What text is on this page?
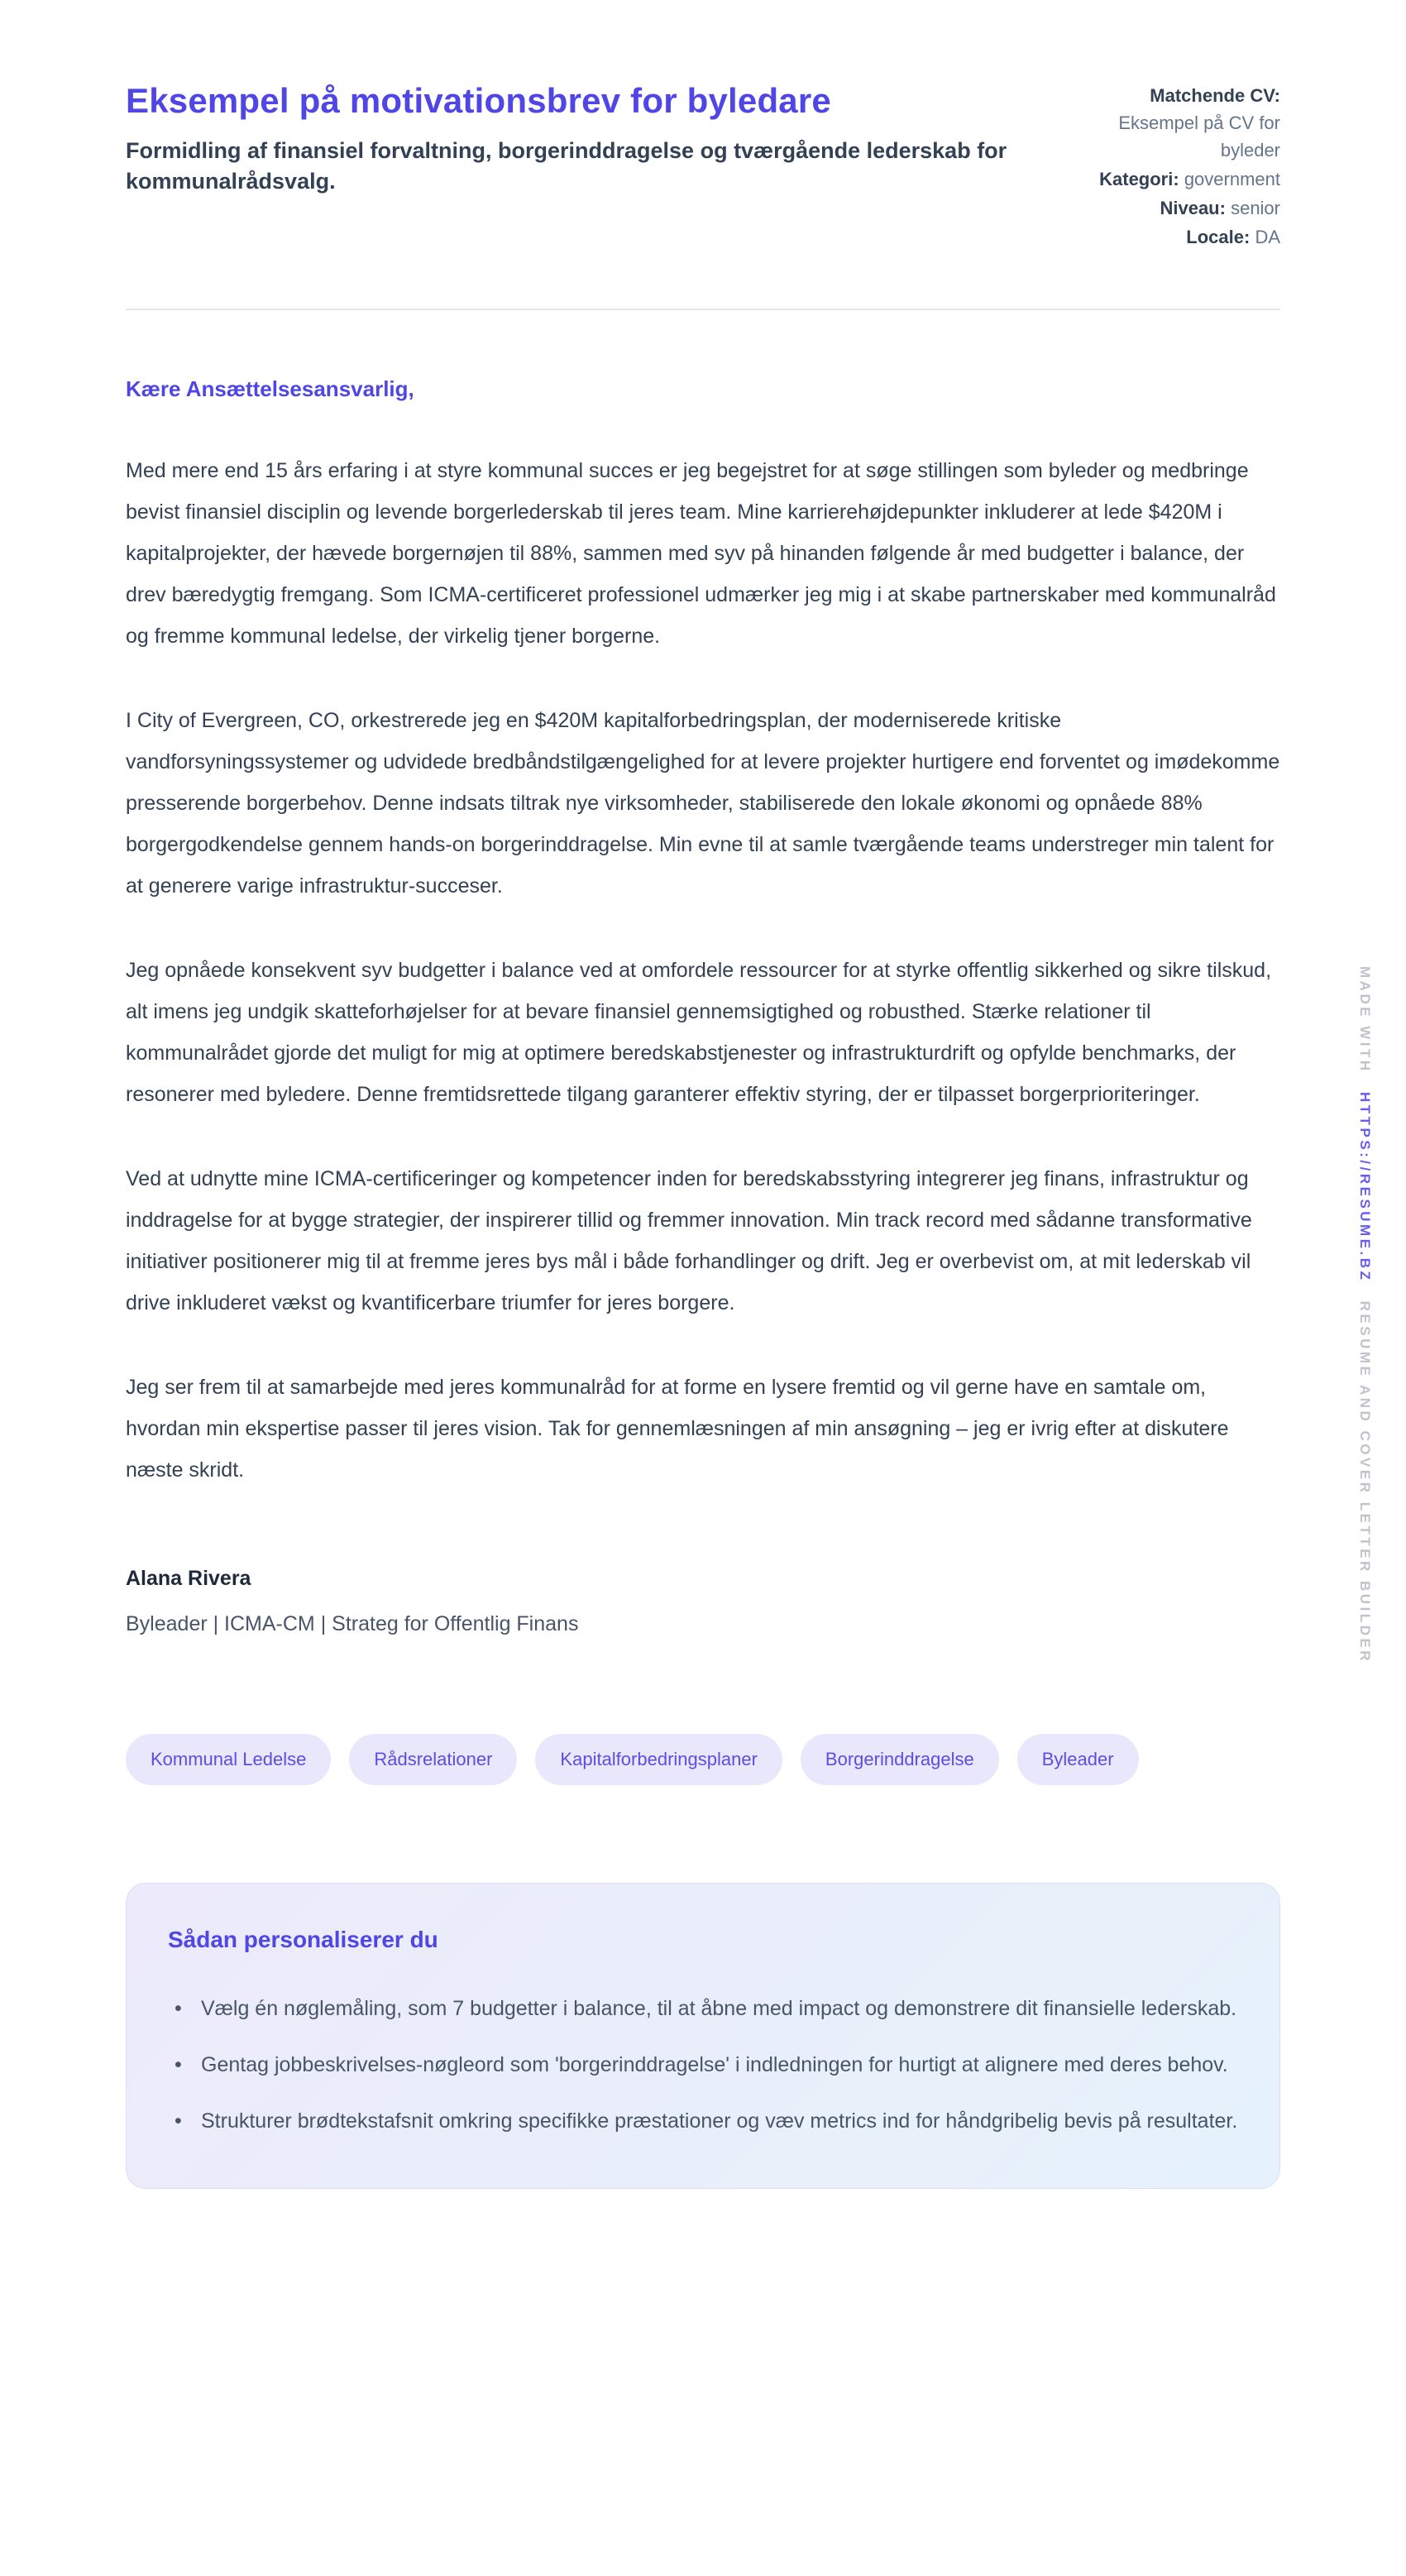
Eksempel på motivationsbrev for byledare

Formidling af finansiel forvaltning, borgerinddragelse og tværgående lederskab for kommunalrådsvalg.

Matchende CV: Eksempel på CV for byleder
Kategori: government
Niveau: senior
Locale: DA

Kære Ansættelsesansvarlig,

Med mere end 15 års erfaring i at styre kommunal succes er jeg begejstret for at søge stillingen som byleder og medbringe bevist finansiel disciplin og levende borgerlederskab til jeres team. Mine karrierehøjdepunkter inkluderer at lede $420M i kapitalprojekter, der hævede borgernøjen til 88%, sammen med syv på hinanden følgende år med budgetter i balance, der drev bæredygtig fremgang. Som ICMA-certificeret professionel udmærker jeg mig i at skabe partnerskaber med kommunalråd og fremme kommunal ledelse, der virkelig tjener borgerne.

I City of Evergreen, CO, orkestrerede jeg en $420M kapitalforbedringsplan, der moderniserede kritiske vandforsyningssystemer og udvidede bredbåndstilgængelighed for at levere projekter hurtigere end forventet og imødekomme presserende borgerbehov. Denne indsats tiltrak nye virksomheder, stabiliserede den lokale økonomi og opnåede 88% borgergodkendelse gennem hands-on borgerinddragelse. Min evne til at samle tværgående teams understreger min talent for at generere varige infrastruktur-succeser.

Jeg opnåede konsekvent syv budgetter i balance ved at omfordele ressourcer for at styrke offentlig sikkerhed og sikre tilskud, alt imens jeg undgik skatteforhøjelser for at bevare finansiel gennemsigtighed og robusthed. Stærke relationer til kommunalrådet gjorde det muligt for mig at optimere beredskabstjenester og infrastrukturdrift og opfylde benchmarks, der resonerer med byledere. Denne fremtidsrettede tilgang garanterer effektiv styring, der er tilpasset borgerprioriteringer.

Ved at udnytte mine ICMA-certificeringer og kompetencer inden for beredskabsstyring integrerer jeg finans, infrastruktur og inddragelse for at bygge strategier, der inspirerer tillid og fremmer innovation. Min track record med sådanne transformative initiativer positionerer mig til at fremme jeres bys mål i både forhandlinger og drift. Jeg er overbevist om, at mit lederskab vil drive inkluderet vækst og kvantificerbare triumfer for jeres borgere.

Jeg ser frem til at samarbejde med jeres kommunalråd for at forme en lysere fremtid og vil gerne have en samtale om, hvordan min ekspertise passer til jeres vision. Tak for gennemlæsningen af min ansøgning – jeg er ivrig efter at diskutere næste skridt.

Alana Rivera

Byleader | ICMA-CM | Strateg for Offentlig Finans

Kommunal Ledelse	Rådsrelationer	Kapitalforbedringsplaner	Borgerinddragelse	Byleader
Sådan personaliserer du
• Vælg én nøglemåling, som 7 budgetter i balance, til at åbne med impact og demonstrere dit finansielle lederskab.
• Gentag jobbeskrivelses-nøgleord som 'borgerinddragelse' i indledningen for hurtigt at alignere med deres behov.
• Strukturer brødtekstafsnit omkring specifikke præstationer og væv metrics ind for håndgribelig bevis på resultater.
MADE WITH HTTPS://RESUME.BZ RESUME AND COVER LETTER BUILDER
